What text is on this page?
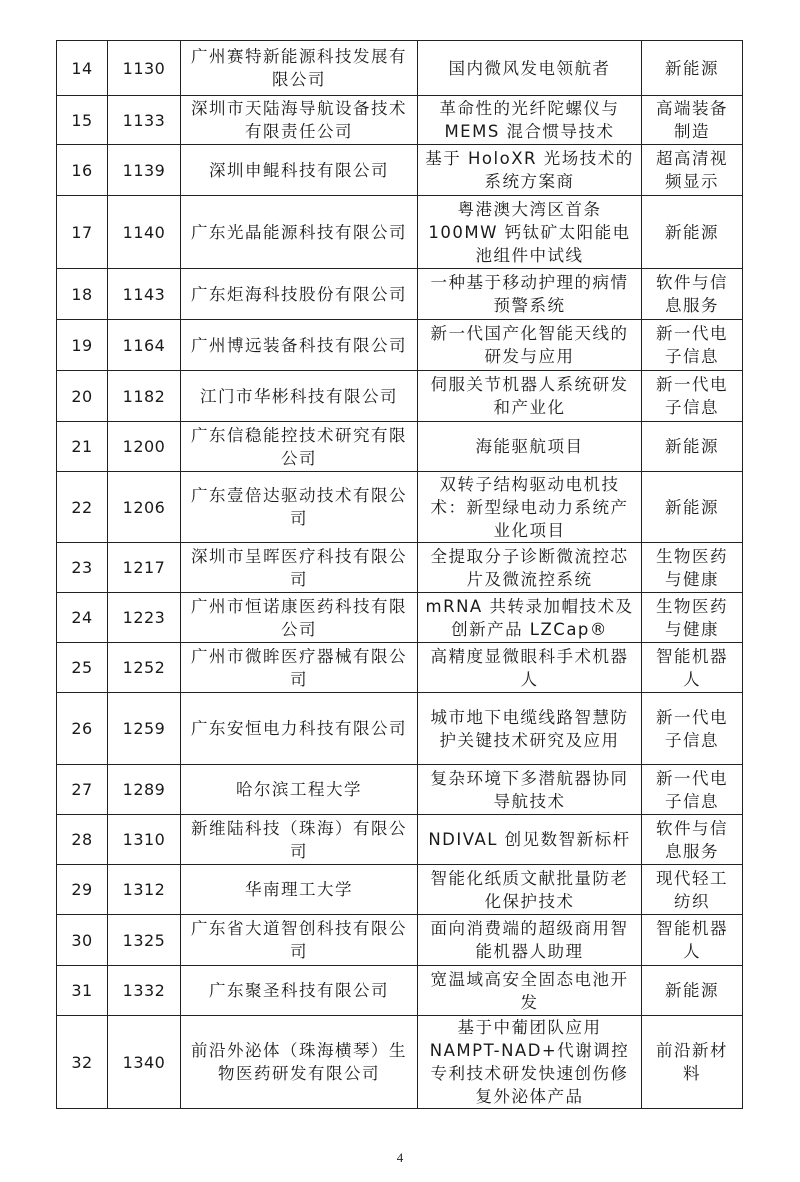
14	1130	广州赛特新能源科技发展有限公司	国内微风发电领航者	新能源
15	1133	深圳市天陆海导航设备技术有限责任公司	革命性的光纤陀螺仪与MEMS 混合惯导技术	高端装备制造
16	1139	深圳申鲲科技有限公司	基于 HoloXR 光场技术的系统方案商	超高清视频显示
17	1140	广东光晶能源科技有限公司	粤港澳大湾区首条100MW 钙钛矿太阳能电池组件中试线	新能源
18	1143	广东炬海科技股份有限公司	一种基于移动护理的病情预警系统	软件与信息服务
19	1164	广州博远装备科技有限公司	新一代国产化智能天线的研发与应用	新一代电子信息
20	1182	江门市华彬科技有限公司	伺服关节机器人系统研发和产业化	新一代电子信息
21	1200	广东信稳能控技术研究有限公司	海能驱航项目	新能源
22	1206	广东壹倍达驱动技术有限公司	双转子结构驱动电机技术：新型绿电动力系统产业化项目	新能源
23	1217	深圳市呈晖医疗科技有限公司	全提取分子诊断微流控芯片及微流控系统	生物医药与健康
24	1223	广州市恒诺康医药科技有限公司	mRNA 共转录加帽技术及创新产品 LZCap®	生物医药与健康
25	1252	广州市微眸医疗器械有限公司	高精度显微眼科手术机器人	智能机器人
26	1259	广东安恒电力科技有限公司	城市地下电缆线路智慧防护关键技术研究及应用	新一代电子信息
27	1289	哈尔滨工程大学	复杂环境下多潜航器协同导航技术	新一代电子信息
28	1310	新维陆科技（珠海）有限公司	NDIVAL 创见数智新标杆	软件与信息服务
29	1312	华南理工大学	智能化纸质文献批量防老化保护技术	现代轻工纺织
30	1325	广东省大道智创科技有限公司	面向消费端的超级商用智能机器人助理	智能机器人
31	1332	广东聚圣科技有限公司	宽温域高安全固态电池开发	新能源
32	1340	前沿外泌体（珠海横琴）生物医药研发有限公司	基于中葡团队应用NAMPT-NAD+代谢调控专利技术研发快速创伤修复外泌体产品	前沿新材料
4
